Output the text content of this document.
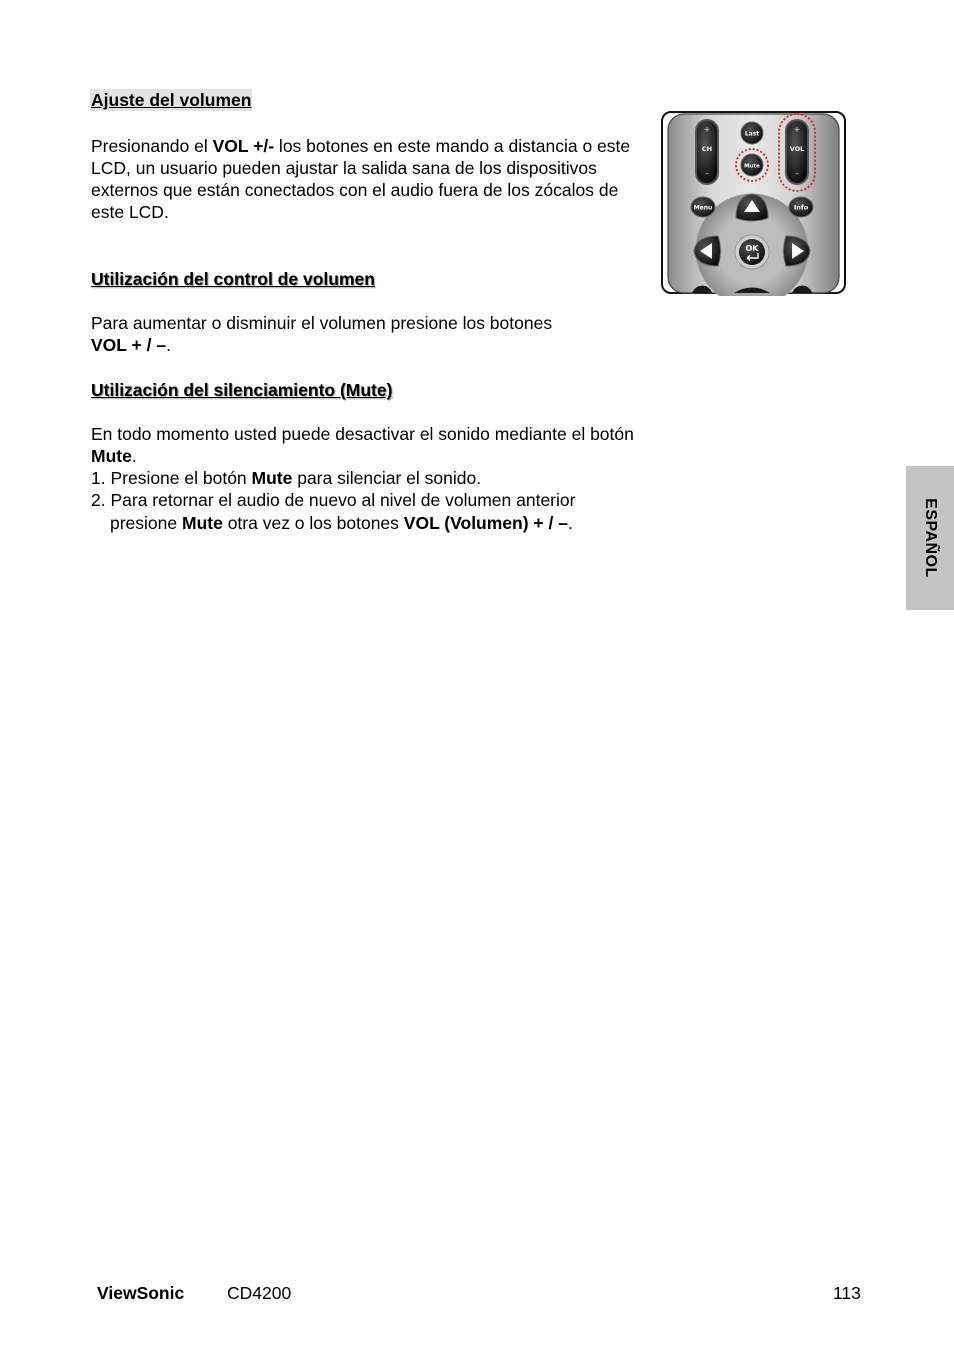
Ajuste del volumen

Presionando el VOL +/- los botones en este mando a distancia o este LCD, un usuario pueden ajustar la salida sana de los dispositivos externos que están conectados con el audio fuera de los zócalos de este LCD.

Utilización del control de volumen

Para aumentar o disminuir el volumen presione los botones
VOL + / –.

Utilización del silenciamiento (Mute)

En todo momento usted puede desactivar el sonido mediante el botón Mute.

1. Presione el botón Mute para silenciar el sonido.

2. Para retornar el audio de nuevo al nivel de volumen anterior

presione Mute otra vez o los botones VOL (Volumen) + / –.

+
CH
–
+
VOL
–
Last
Mute
Menu	Info
OK
ESPAÑOL
ViewSonic CD4200	113
